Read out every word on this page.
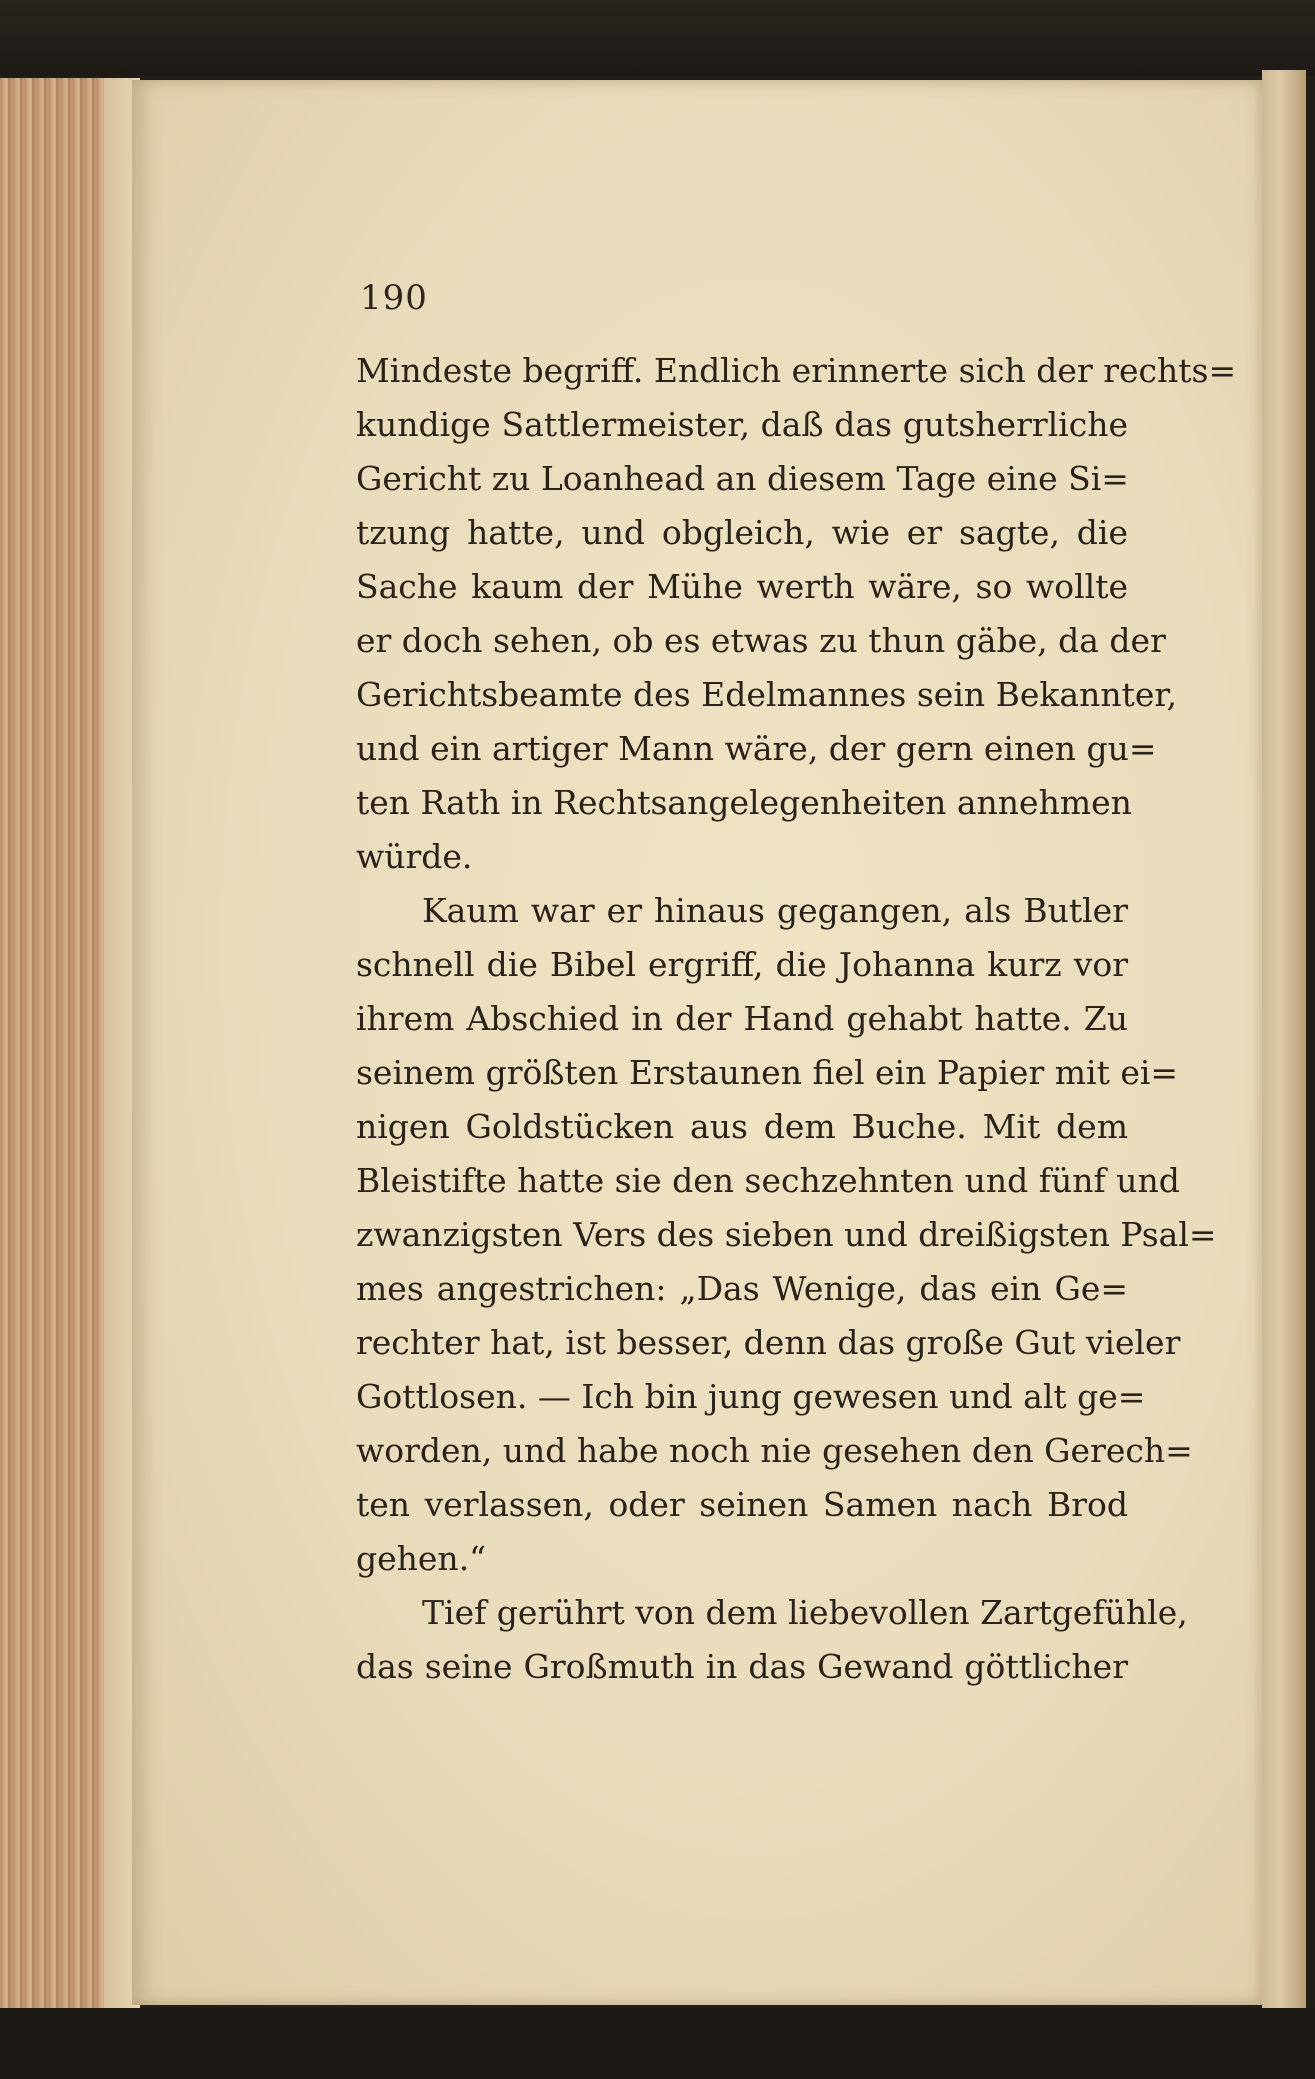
190
Mindeste begriff. Endlich erinnerte sich der rechts=
kundige Sattlermeister, daß das gutsherrliche
Gericht zu Loanhead an diesem Tage eine Si=
tzung hatte, und obgleich, wie er sagte, die
Sache kaum der Mühe werth wäre, so wollte
er doch sehen, ob es etwas zu thun gäbe, da der
Gerichtsbeamte des Edelmannes sein Bekannter,
und ein artiger Mann wäre, der gern einen gu=
ten Rath in Rechtsangelegenheiten annehmen
würde.
Kaum war er hinaus gegangen, als Butler
schnell die Bibel ergriff, die Johanna kurz vor
ihrem Abschied in der Hand gehabt hatte. Zu
seinem größten Erstaunen fiel ein Papier mit ei=
nigen Goldstücken aus dem Buche. Mit dem
Bleistifte hatte sie den sechzehnten und fünf und
zwanzigsten Vers des sieben und dreißigsten Psal=
mes angestrichen: „Das Wenige, das ein Ge=
rechter hat, ist besser, denn das große Gut vieler
Gottlosen. — Ich bin jung gewesen und alt ge=
worden, und habe noch nie gesehen den Gerech=
ten verlassen, oder seinen Samen nach Brod
gehen.“
Tief gerührt von dem liebevollen Zartgefühle,
das seine Großmuth in das Gewand göttlicher
